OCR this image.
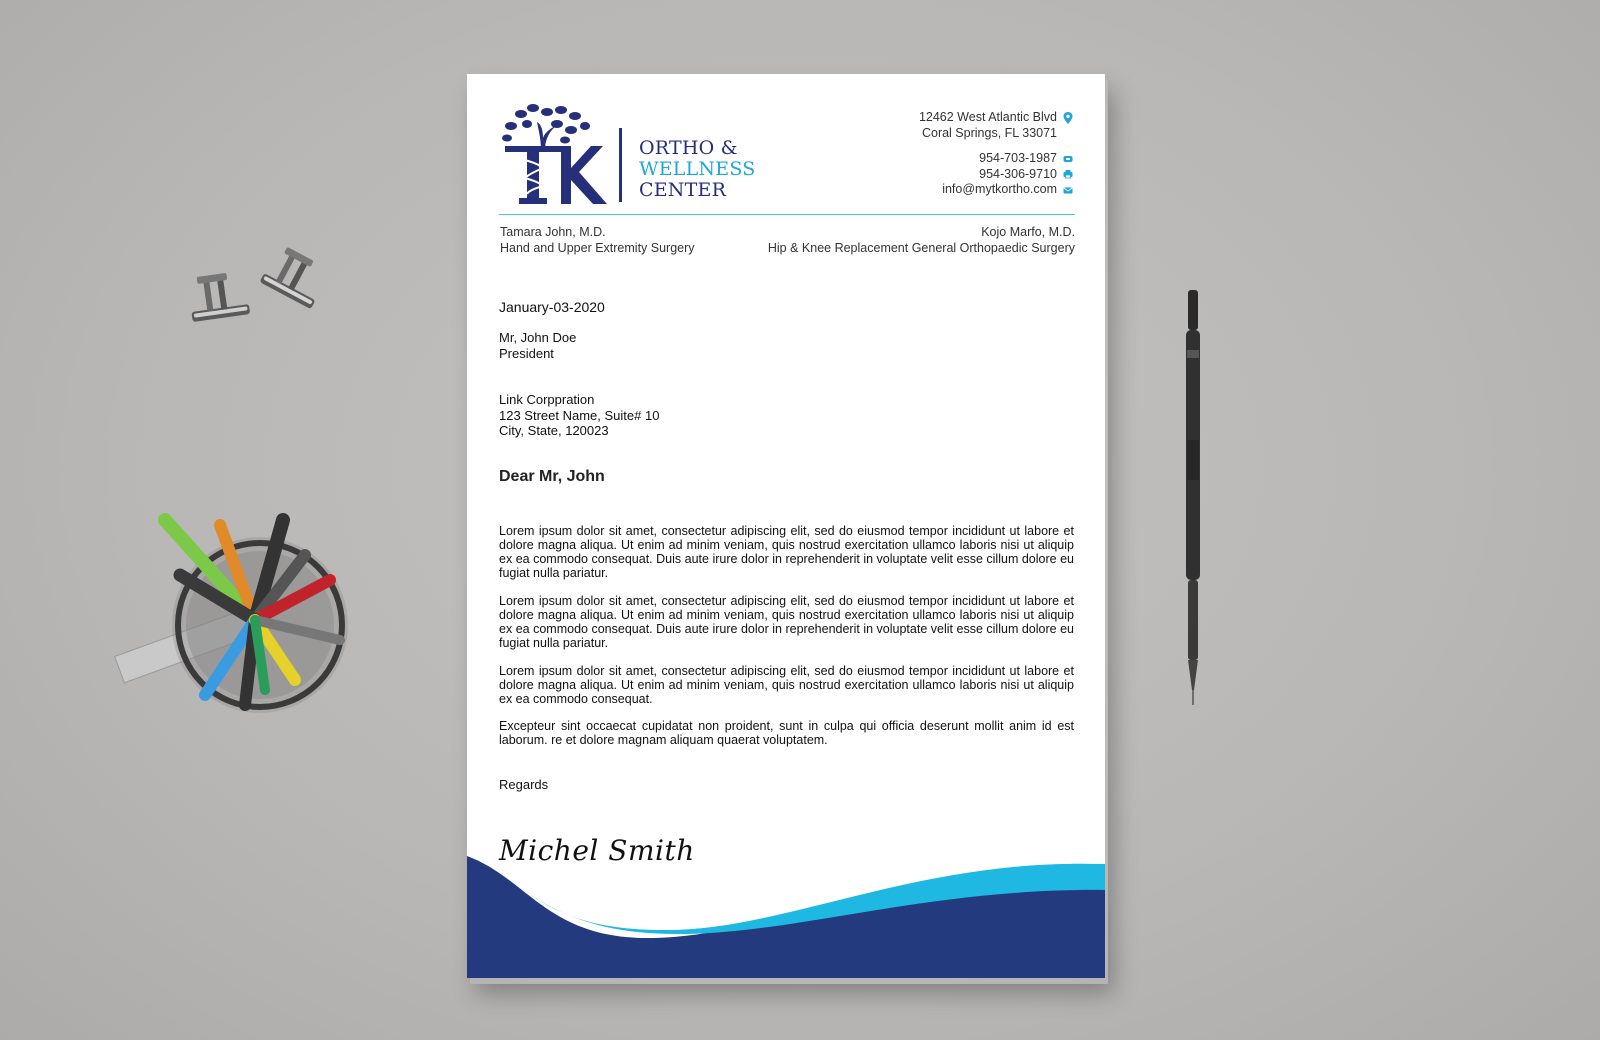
ORTHO &
WELLNESS
CENTER
12462 West Atlantic Blvd
Coral Springs, FL 33071
954-703-1987
954-306-9710
info@mytkortho.com
Tamara John, M.D.
Hand and Upper Extremity Surgery
Kojo Marfo, M.D.
Hip & Knee Replacement General Orthopaedic Surgery
January-03-2020
Mr, John Doe
President
Link Corppration
123 Street Name, Suite# 10
City, State, 120023
Dear Mr, John
Lorem ipsum dolor sit amet, consectetur adipiscing elit, sed do eiusmod tempor incididunt ut labore et dolore magna aliqua. Ut enim ad minim veniam, quis nostrud exercitation ullamco laboris nisi ut aliquip ex ea commodo consequat. Duis aute irure dolor in reprehenderit in voluptate velit esse cillum dolore eu fugiat nulla pariatur.
Lorem ipsum dolor sit amet, consectetur adipiscing elit, sed do eiusmod tempor incididunt ut labore et dolore magna aliqua. Ut enim ad minim veniam, quis nostrud exercitation ullamco laboris nisi ut aliquip ex ea commodo consequat. Duis aute irure dolor in reprehenderit in voluptate velit esse cillum dolore eu fugiat nulla pariatur.
Lorem ipsum dolor sit amet, consectetur adipiscing elit, sed do eiusmod tempor incididunt ut labore et dolore magna aliqua. Ut enim ad minim veniam, quis nostrud exercitation ullamco laboris nisi ut aliquip ex ea commodo consequat.
Excepteur sint occaecat cupidatat non proident, sunt in culpa qui officia deserunt mollit anim id est laborum. re et dolore magnam aliquam quaerat voluptatem.
Regards
Michel Smith
